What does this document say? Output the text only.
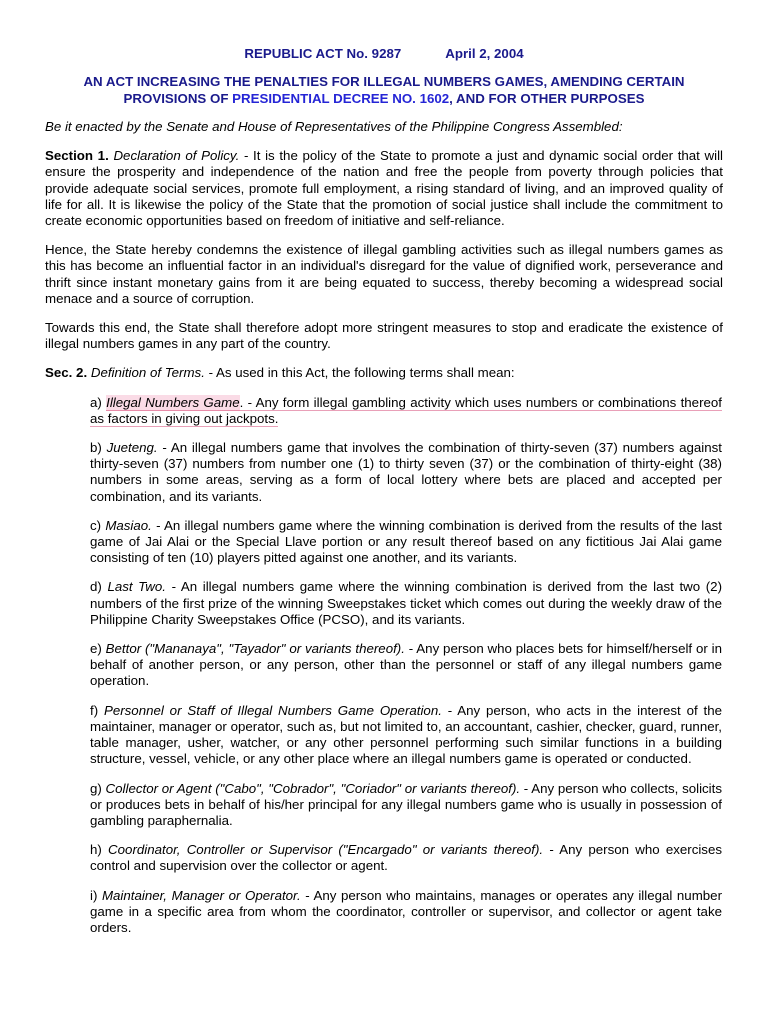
REPUBLIC ACT No. 9287	April 2, 2004
AN ACT INCREASING THE PENALTIES FOR ILLEGAL NUMBERS GAMES, AMENDING CERTAIN PROVISIONS OF PRESIDENTIAL DECREE NO. 1602, AND FOR OTHER PURPOSES

Be it enacted by the Senate and House of Representatives of the Philippine Congress Assembled:

Section 1. Declaration of Policy. - It is the policy of the State to promote a just and dynamic social order that will ensure the prosperity and independence of the nation and free the people from poverty through policies that provide adequate social services, promote full employment, a rising standard of living, and an improved quality of life for all. It is likewise the policy of the State that the promotion of social justice shall include the commitment to create economic opportunities based on freedom of initiative and self-reliance.

Hence, the State hereby condemns the existence of illegal gambling activities such as illegal numbers games as this has become an influential factor in an individual's disregard for the value of dignified work, perseverance and thrift since instant monetary gains from it are being equated to success, thereby becoming a widespread social menace and a source of corruption.

Towards this end, the State shall therefore adopt more stringent measures to stop and eradicate the existence of illegal numbers games in any part of the country.

Sec. 2. Definition of Terms. - As used in this Act, the following terms shall mean:

a) Illegal Numbers Game. - Any form illegal gambling activity which uses numbers or combinations thereof as factors in giving out jackpots.

b) Jueteng. - An illegal numbers game that involves the combination of thirty-seven (37) numbers against thirty-seven (37) numbers from number one (1) to thirty seven (37) or the combination of thirty-eight (38) numbers in some areas, serving as a form of local lottery where bets are placed and accepted per combination, and its variants.

c) Masiao. - An illegal numbers game where the winning combination is derived from the results of the last game of Jai Alai or the Special Llave portion or any result thereof based on any fictitious Jai Alai game consisting of ten (10) players pitted against one another, and its variants.

d) Last Two. - An illegal numbers game where the winning combination is derived from the last two (2) numbers of the first prize of the winning Sweepstakes ticket which comes out during the weekly draw of the Philippine Charity Sweepstakes Office (PCSO), and its variants.

e) Bettor ("Mananaya", "Tayador" or variants thereof). - Any person who places bets for himself/herself or in behalf of another person, or any person, other than the personnel or staff of any illegal numbers game operation.

f) Personnel or Staff of Illegal Numbers Game Operation. - Any person, who acts in the interest of the maintainer, manager or operator, such as, but not limited to, an accountant, cashier, checker, guard, runner, table manager, usher, watcher, or any other personnel performing such similar functions in a building structure, vessel, vehicle, or any other place where an illegal numbers game is operated or conducted.

g) Collector or Agent ("Cabo", "Cobrador", "Coriador" or variants thereof). - Any person who collects, solicits or produces bets in behalf of his/her principal for any illegal numbers game who is usually in possession of gambling paraphernalia.

h) Coordinator, Controller or Supervisor ("Encargado" or variants thereof). - Any person who exercises control and supervision over the collector or agent.

i) Maintainer, Manager or Operator. - Any person who maintains, manages or operates any illegal number game in a specific area from whom the coordinator, controller or supervisor, and collector or agent take orders.
